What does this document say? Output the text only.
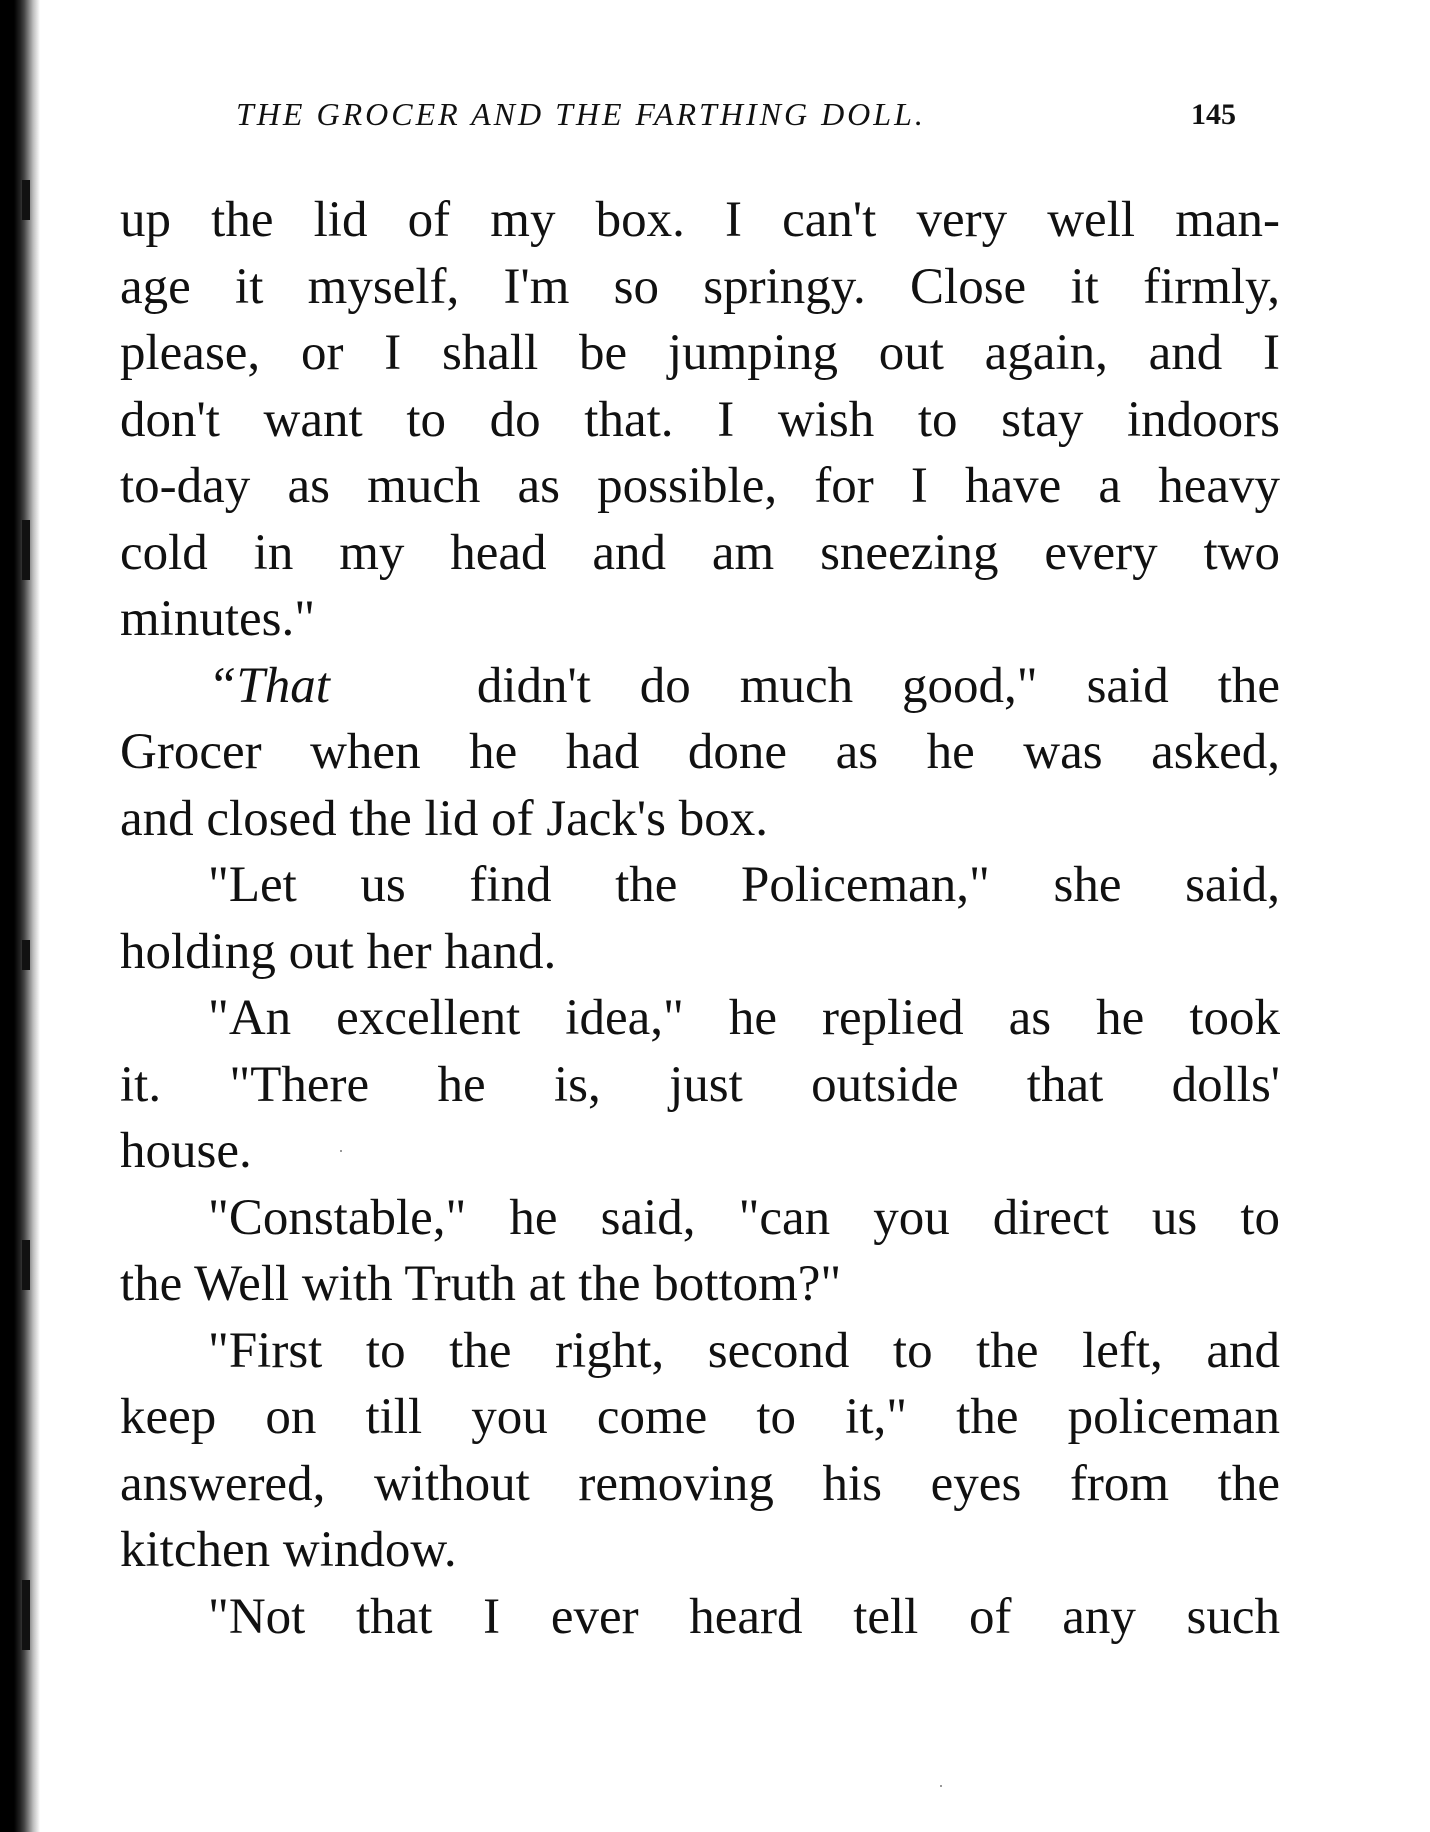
THE GROCER AND THE FARTHING DOLL.	145
up the lid of my box. I can't very well man-
age it myself, I'm so springy. Close it firmly,
please, or I shall be jumping out again, and I
don't want to do that. I wish to stay indoors
to-day as much as possible, for I have a heavy
cold in my head and am sneezing every two
minutes."
“That	didn't do much good," said the
Grocer when he had done as he was asked,
and closed the lid of Jack's box.
"Let us find the Policeman," she said,
holding out her hand.
"An excellent idea," he replied as he took
it. "There he is, just outside that dolls'
house.
"Constable," he said, "can you direct us to
the Well with Truth at the bottom?"
"First to the right, second to the left, and
keep on till you come to it," the policeman
answered, without removing his eyes from the
kitchen window.
"Not that I ever heard tell of any such
